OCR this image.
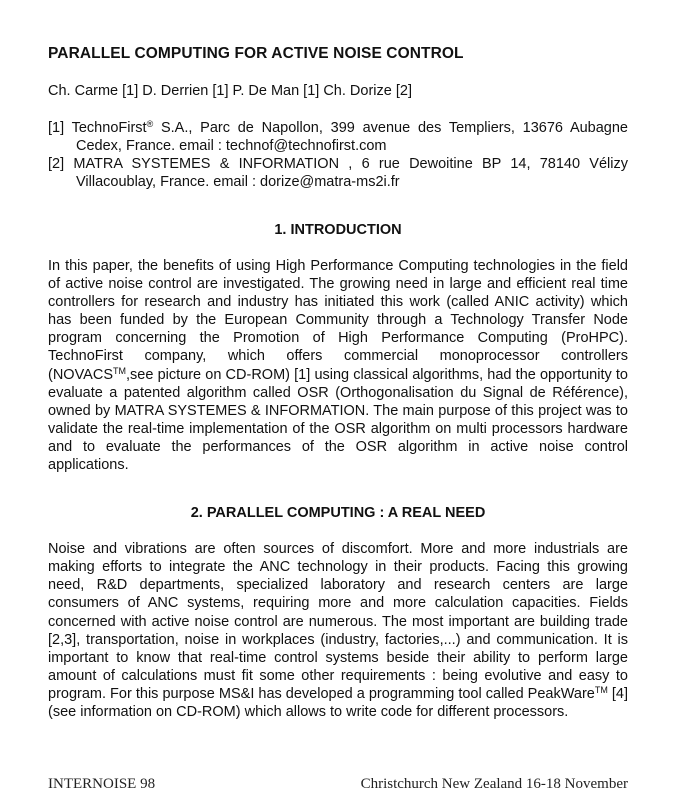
PARALLEL COMPUTING FOR ACTIVE NOISE CONTROL
Ch. Carme [1] D. Derrien [1] P. De Man [1] Ch. Dorize [2]

[1] TechnoFirst® S.A., Parc de Napollon, 399 avenue des Templiers, 13676 Aubagne Cedex, France. email : technof@technofirst.com

[2] MATRA SYSTEMES & INFORMATION , 6 rue Dewoitine BP 14, 78140 Vélizy Villacoublay, France. email : dorize@matra-ms2i.fr

1. INTRODUCTION

In this paper, the benefits of using High Performance Computing technologies in the field of active noise control are investigated. The growing need in large and efficient real time controllers for research and industry has initiated this work (called ANIC activity) which has been funded by the European Community through a Technology Transfer Node program concerning the Promotion of High Performance Computing (ProHPC). TechnoFirst company, which offers commercial monoprocessor controllers (NOVACS™,see picture on CD-ROM) [1] using classical algorithms, had the opportunity to evaluate a patented algorithm called OSR (Orthogonalisation du Signal de Référence), owned by MATRA SYSTEMES & INFORMATION. The main purpose of this project was to validate the real-time implementation of the OSR algorithm on multi processors hardware and to evaluate the performances of the OSR algorithm in active noise control applications.

2. PARALLEL COMPUTING : A REAL NEED

Noise and vibrations are often sources of discomfort. More and more industrials are making efforts to integrate the ANC technology in their products. Facing this growing need, R&D departments, specialized laboratory and research centers are large consumers of ANC systems, requiring more and more calculation capacities. Fields concerned with active noise control are numerous. The most important are building trade [2,3], transportation, noise in workplaces (industry, factories,...) and communication. It is important to know that real-time control systems beside their ability to perform large amount of calculations must fit some other requirements : being evolutive and easy to program. For this purpose MS&I has developed a programming tool called PeakWare™ [4] (see information on CD-ROM) which allows to write code for different processors.

INTERNOISE 98	Christchurch New Zealand 16-18 November
